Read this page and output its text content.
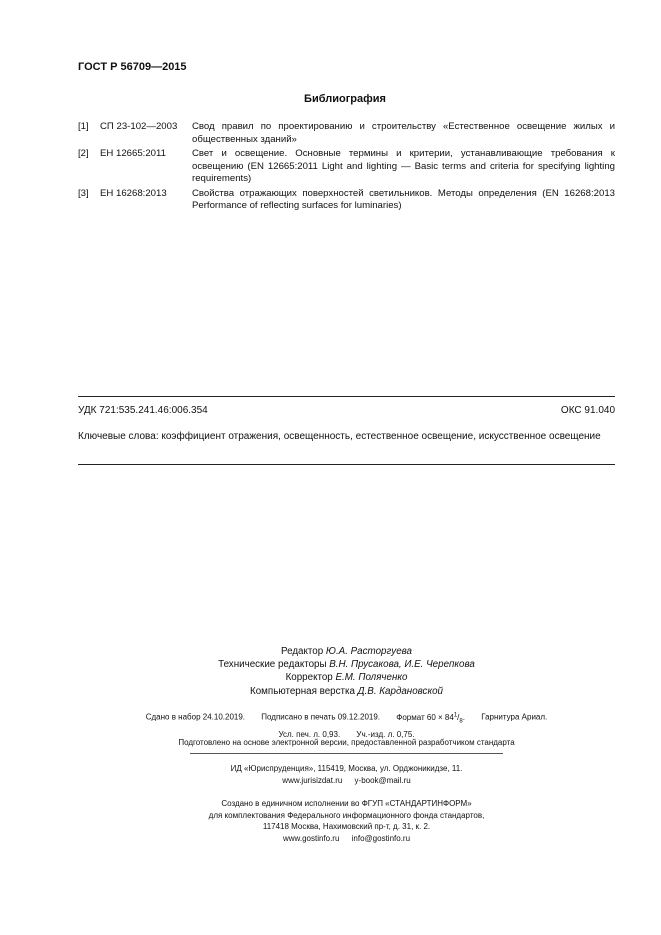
ГОСТ Р 56709—2015
Библиография
[1]	СП 23-102—2003	Свод правил по проектированию и строительству «Естественное освещение жилых и общественных зданий»
[2]	ЕН 12665:2011	Свет и освещение. Основные термины и критерии, устанавливающие требования к освещению (EN 12665:2011 Light and lighting — Basic terms and criteria for specifying lighting requirements)
[3]	ЕН 16268:2013	Свойства отражающих поверхностей светильников. Методы определения (EN 16268:2013 Performance of reflecting surfaces for luminaries)
УДК 721:535.241.46:006.354	ОКС 91.040
Ключевые слова: коэффициент отражения, освещенность, естественное освещение, искусственное освещение
Редактор Ю.А. Расторгуева
Технические редакторы В.Н. Прусакова, И.Е. Черепкова
Корректор Е.М. Поляченко
Компьютерная верстка Д.В. Кардановской
Сдано в набор 24.10.2019. Подписано в печать 09.12.2019. Формат $60 \times 84^1/_8$. Гарнитура Ариал.
Усл. печ. л. 0,93. Уч.-изд. л. 0,75.
Подготовлено на основе электронной версии, предоставленной разработчиком стандарта
ИД «Юриспруденция», 115419, Москва, ул. Орджоникидзе, 11.
www.jurisizdat.ru y-book@mail.ru
Создано в единичном исполнении во ФГУП «СТАНДАРТИНФОРМ»
для комплектования Федерального информационного фонда стандартов,
117418 Москва, Нахимовский пр-т, д. 31, к. 2.
www.gostinfo.ru info@gostinfo.ru
